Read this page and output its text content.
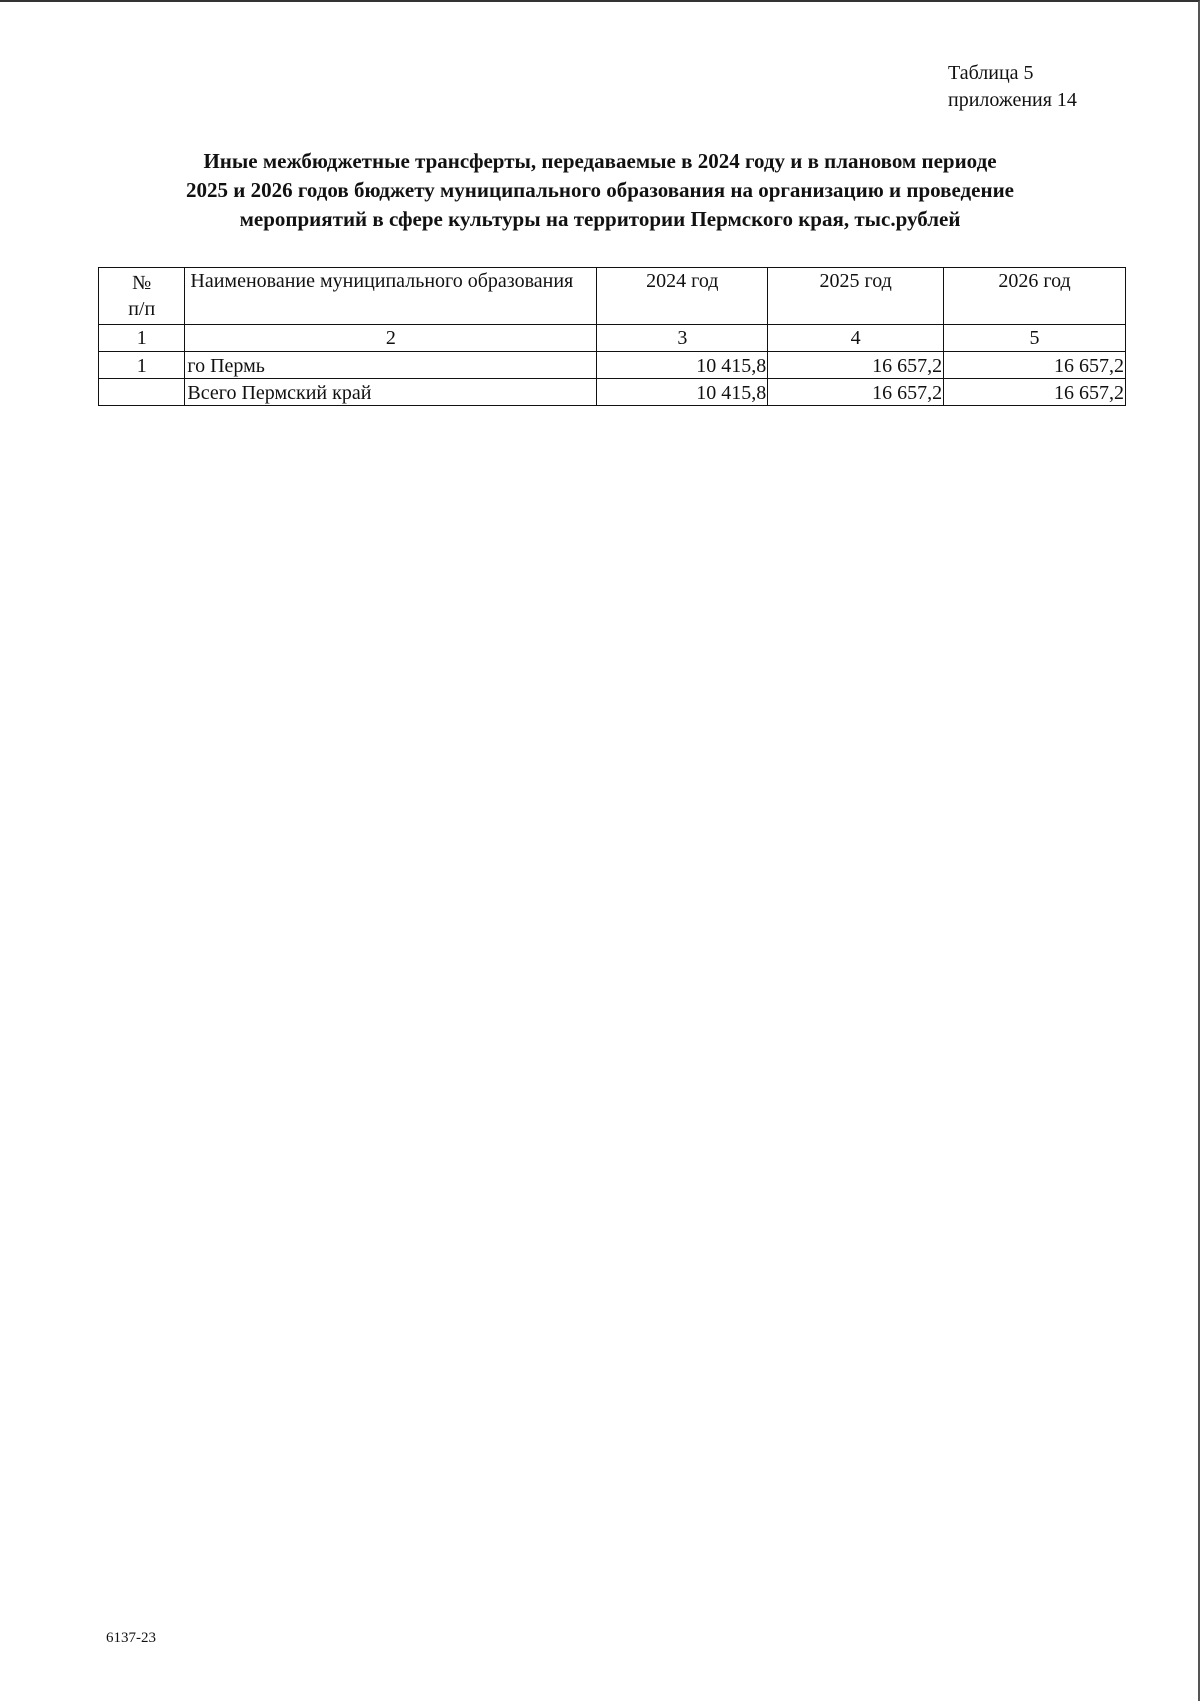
Таблица 5
приложения 14
Иные межбюджетные трансферты, передаваемые в 2024 году и в плановом периоде
2025 и 2026 годов бюджету муниципального образования на организацию и проведение
мероприятий в сфере культуры на территории Пермского края, тыс.рублей
№
п/п	Наименование муниципального образования	2024 год	2025 год	2026 год
1	2	3	4	5
1	го Пермь	10 415,8	16 657,2	16 657,2
	Всего Пермский край	10 415,8	16 657,2	16 657,2
6137-23
